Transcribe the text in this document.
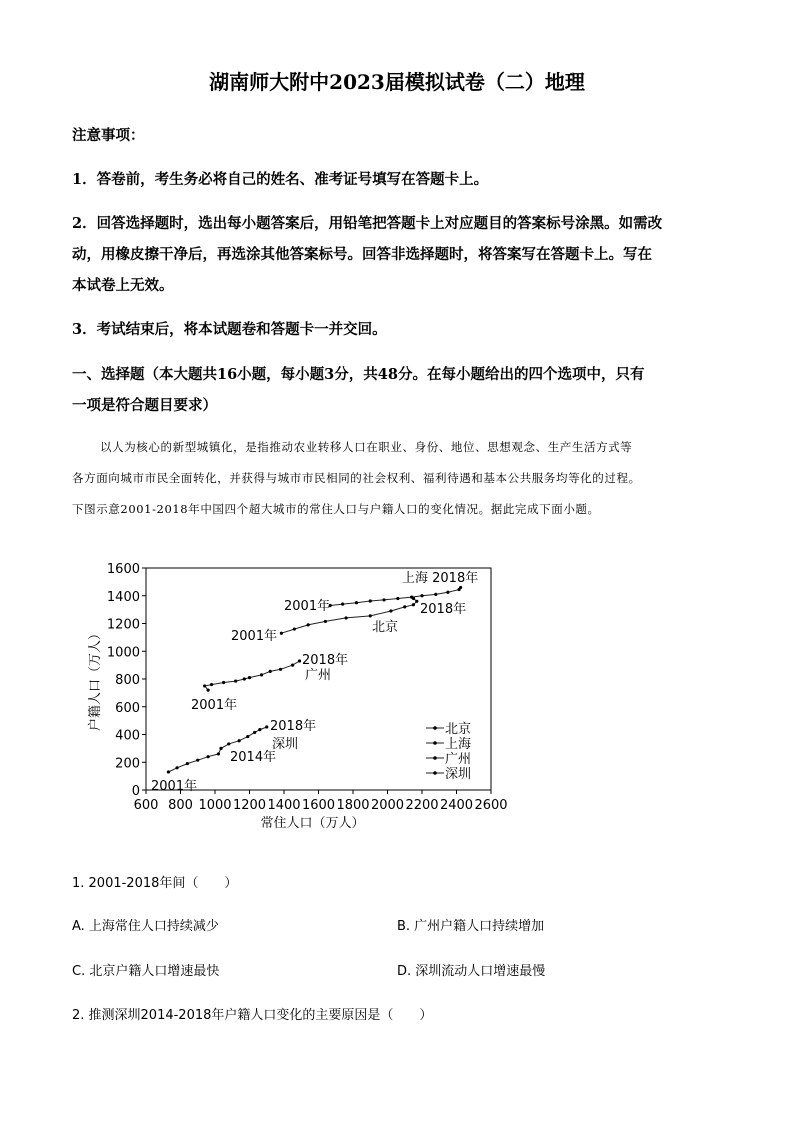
湖南师大附中2023届模拟试卷（二）地理
注意事项：
1．答卷前，考生务必将自己的姓名、准考证号填写在答题卡上。
2．回答选择题时，选出每小题答案后，用铅笔把答题卡上对应题目的答案标号涂黑。如需改
动，用橡皮擦干净后，再选涂其他答案标号。回答非选择题时，将答案写在答题卡上。写在
本试卷上无效。
3．考试结束后，将本试题卷和答题卡一并交回。
一、选择题（本大题共16小题，每小题3分，共48分。在每小题给出的四个选项中，只有
一项是符合题目要求）
以人为核心的新型城镇化，是指推动农业转移人口在职业、身份、地位、思想观念、生产生活方式等
各方面向城市市民全面转化，并获得与城市市民相同的社会权利、福利待遇和基本公共服务均等化的过程。
下图示意2001-2018年中国四个超大城市的常住人口与户籍人口的变化情况。据此完成下面小题。
600 800 1000 1200 1400 1600 1800 2000 2200 2400 2600
0
200
400
600
800
1000
1200
1400
1600
常住人口（万人）
户籍人口（万人）
上海 2018年
2001年	2018年
北京
2001年
2018年
广州
2001年
2018年
深圳
2014年
2001年
北京
上海
广州
深圳
1. 2001-2018年间（　　）
A. 上海常住人口持续减少	B. 广州户籍人口持续增加
C. 北京户籍人口增速最快	D. 深圳流动人口增速最慢
2. 推测深圳2014-2018年户籍人口变化的主要原因是（　　）
